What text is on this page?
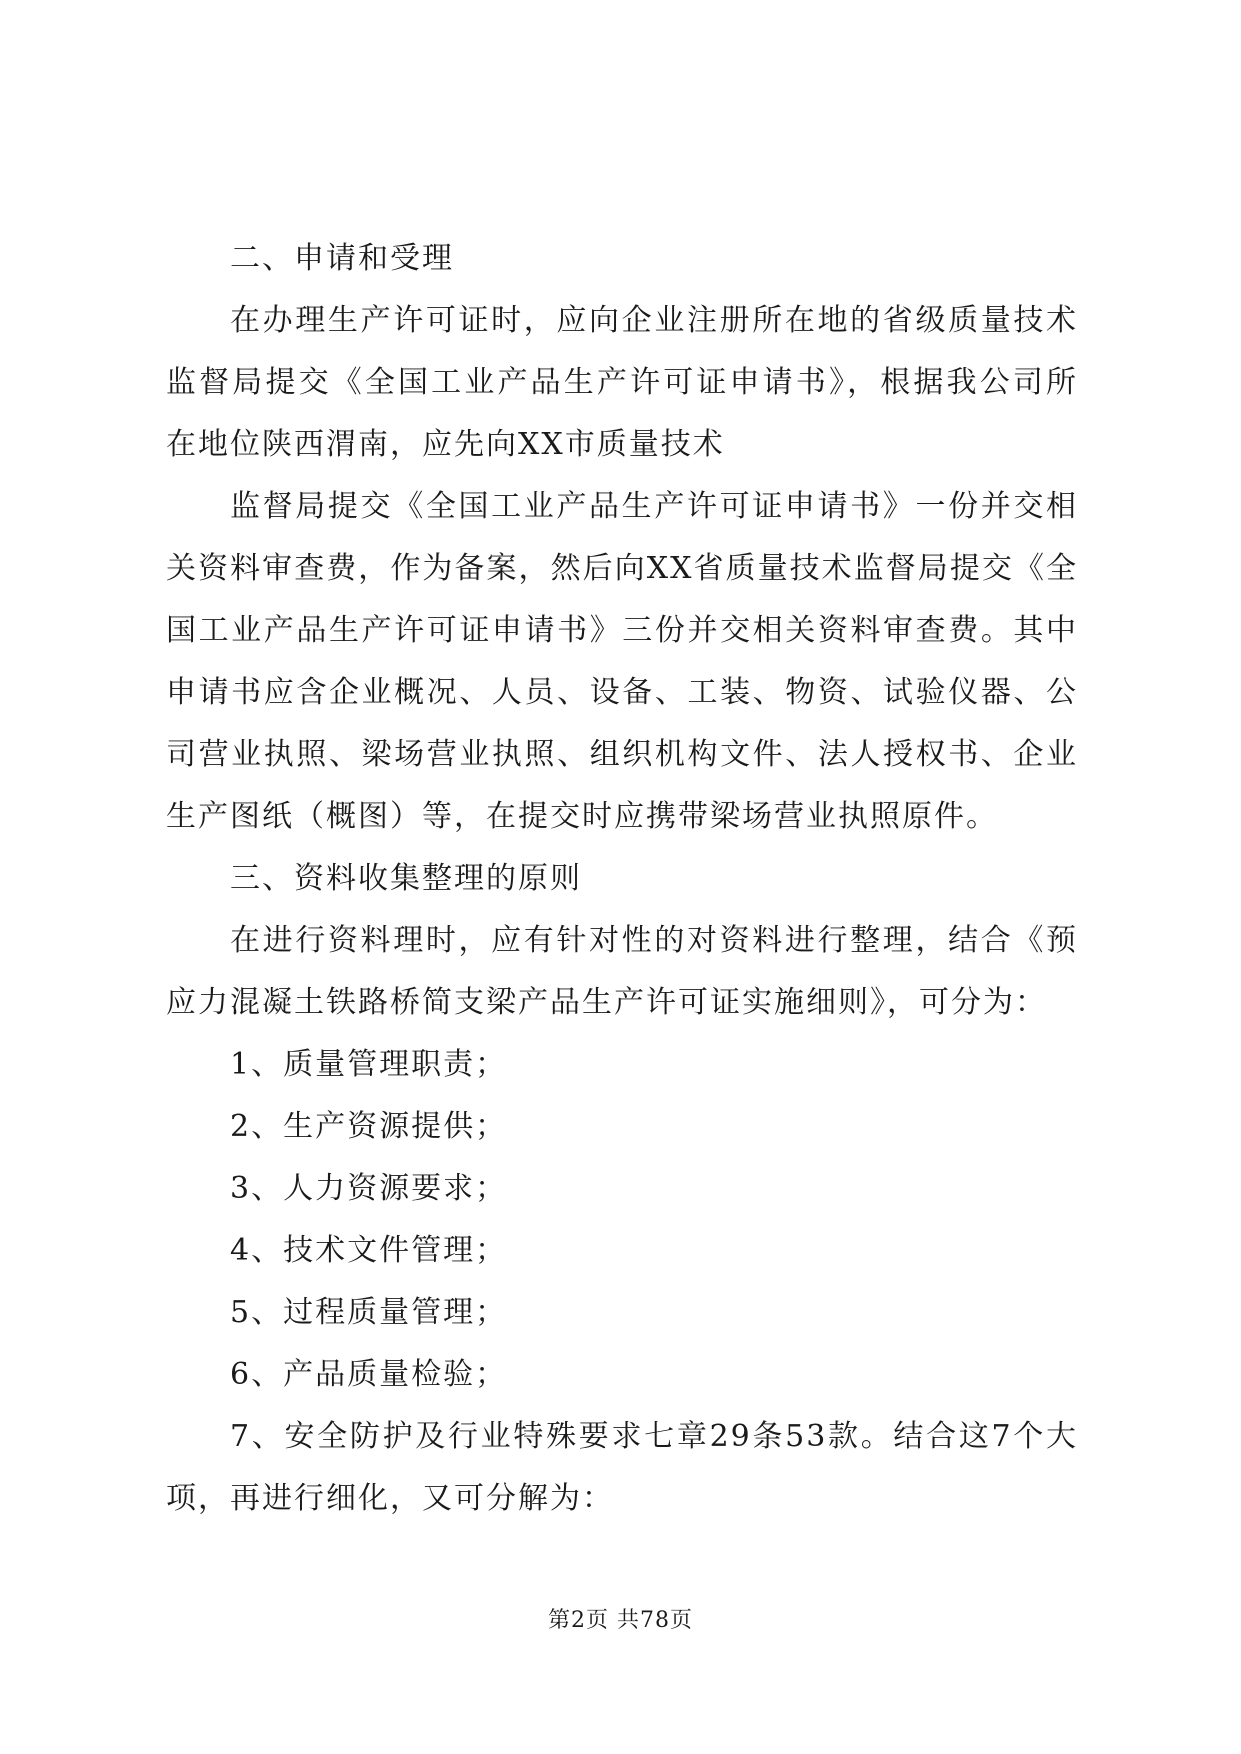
二、申请和受理

在办理生产许可证时，应向企业注册所在地的省级质量技术监督局提交《全国工业产品生产许可证申请书》，根据我公司所在地位陕西渭南，应先向XX市质量技术

监督局提交《全国工业产品生产许可证申请书》一份并交相关资料审查费，作为备案，然后向XX省质量技术监督局提交《全国工业产品生产许可证申请书》三份并交相关资料审查费。其中申请书应含企业概况、人员、设备、工装、物资、试验仪器、公司营业执照、梁场营业执照、组织机构文件、法人授权书、企业生产图纸（概图）等，在提交时应携带梁场营业执照原件。

三、资料收集整理的原则

在进行资料理时，应有针对性的对资料进行整理，结合《预应力混凝土铁路桥简支梁产品生产许可证实施细则》，可分为：

1、质量管理职责；

2、生产资源提供；

3、人力资源要求；

4、技术文件管理；

5、过程质量管理；

6、产品质量检验；

7、安全防护及行业特殊要求七章29条53款。结合这7个大项，再进行细化，又可分解为：

第2页 共78页
